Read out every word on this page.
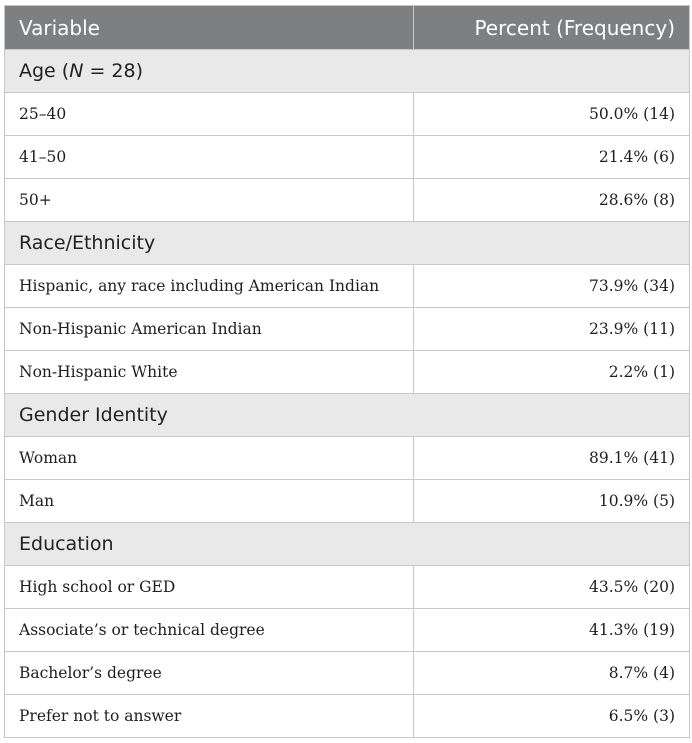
Variable	Percent (Frequency)
Age (N = 28)	
25–40	50.0% (14)
41–50	21.4% (6)
50+	28.6% (8)
Race/Ethnicity	
Hispanic, any race including American Indian	73.9% (34)
Non-Hispanic American Indian	23.9% (11)
Non-Hispanic White	2.2% (1)
Gender Identity	
Woman	89.1% (41)
Man	10.9% (5)
Education	
High school or GED	43.5% (20)
Associate’s or technical degree	41.3% (19)
Bachelor’s degree	8.7% (4)
Prefer not to answer	6.5% (3)
